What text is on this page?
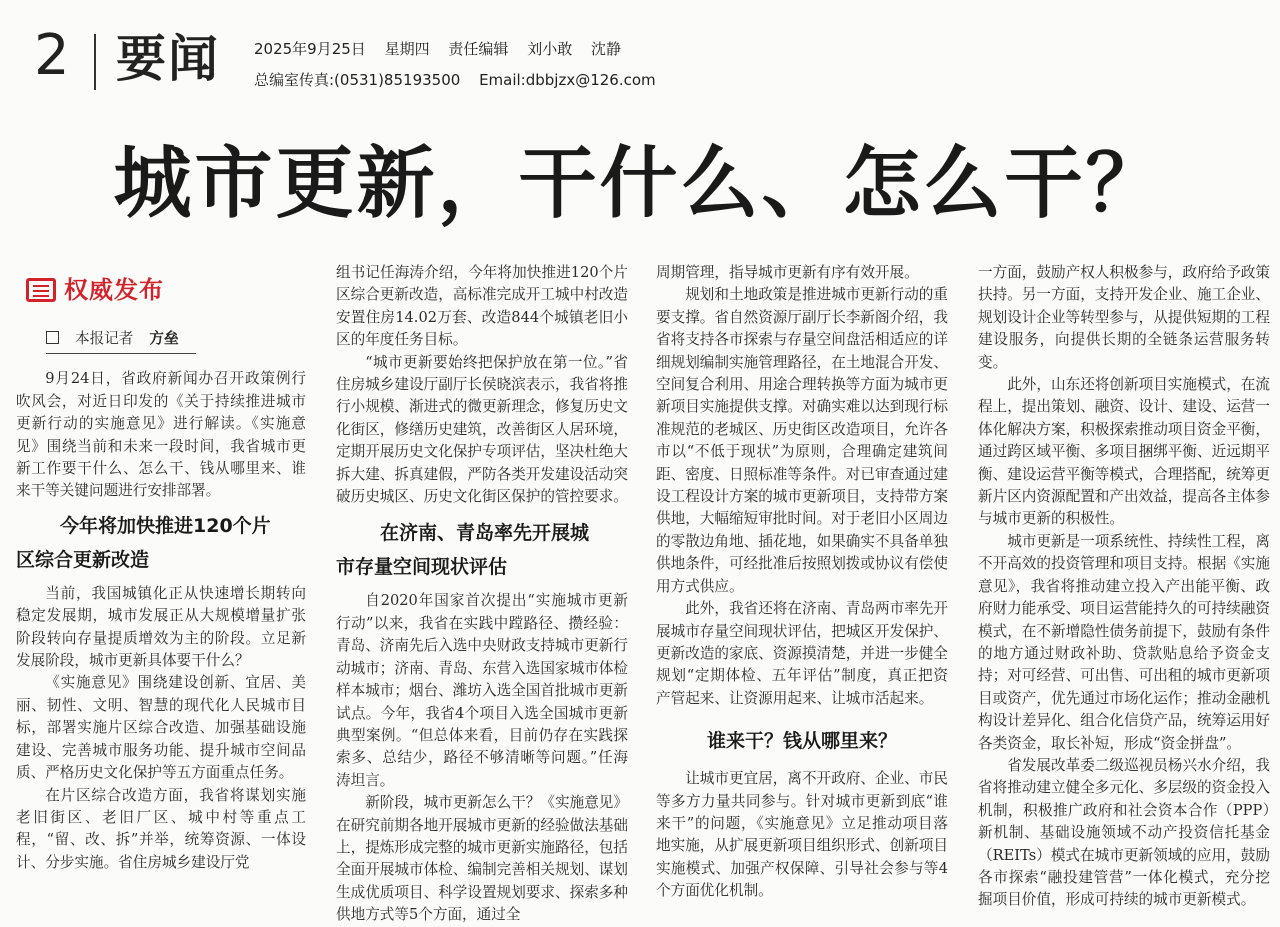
2 要闻 2025年9月25日 星期四 责任编辑 刘小敢 沈静
总编室传真:(0531)85193500 Email:dbbjzx@126.com
城市更新，干什么、怎么干？
权威发布
本报记者 方垒

9月24日，省政府新闻办召开政策例行吹风会，对近日印发的《关于持续推进城市更新行动的实施意见》进行解读。《实施意见》围绕当前和未来一段时间，我省城市更新工作要干什么、怎么干、钱从哪里来、谁来干等关键问题进行安排部署。

今年将加快推进120个片
区综合更新改造

当前，我国城镇化正从快速增长期转向稳定发展期，城市发展正从大规模增量扩张阶段转向存量提质增效为主的阶段。立足新发展阶段，城市更新具体要干什么？

《实施意见》围绕建设创新、宜居、美丽、韧性、文明、智慧的现代化人民城市目标，部署实施片区综合改造、加强基础设施建设、完善城市服务功能、提升城市空间品质、严格历史文化保护等五方面重点任务。

在片区综合改造方面，我省将谋划实施老旧街区、老旧厂区、城中村等重点工程，“留、改、拆”并举，统筹资源、一体设计、分步实施。省住房城乡建设厅党

组书记任海涛介绍，今年将加快推进120个片区综合更新改造，高标准完成开工城中村改造安置住房14.02万套、改造844个城镇老旧小区的年度任务目标。

“城市更新要始终把保护放在第一位。”省住房城乡建设厅副厅长侯晓滨表示，我省将推行小规模、渐进式的微更新理念，修复历史文化街区，修缮历史建筑，改善街区人居环境，定期开展历史文化保护专项评估，坚决杜绝大拆大建、拆真建假，严防各类开发建设活动突破历史城区、历史文化街区保护的管控要求。

在济南、青岛率先开展城
市存量空间现状评估

自2020年国家首次提出“实施城市更新行动”以来，我省在实践中蹚路径、攒经验：青岛、济南先后入选中央财政支持城市更新行动城市；济南、青岛、东营入选国家城市体检样本城市；烟台、潍坊入选全国首批城市更新试点。今年，我省4个项目入选全国城市更新典型案例。“但总体来看，目前仍存在实践探索多、总结少，路径不够清晰等问题。”任海涛坦言。

新阶段，城市更新怎么干？《实施意见》在研究前期各地开展城市更新的经验做法基础上，提炼形成完整的城市更新实施路径，包括全面开展城市体检、编制完善相关规划、谋划生成优质项目、科学设置规划要求、探索多种供地方式等5个方面，通过全

周期管理，指导城市更新有序有效开展。

规划和土地政策是推进城市更新行动的重要支撑。省自然资源厅副厅长李新阁介绍，我省将支持各市探索与存量空间盘活相适应的详细规划编制实施管理路径，在土地混合开发、空间复合利用、用途合理转换等方面为城市更新项目实施提供支撑。对确实难以达到现行标准规范的老城区、历史街区改造项目，允许各市以“不低于现状”为原则，合理确定建筑间距、密度、日照标准等条件。对已审查通过建设工程设计方案的城市更新项目，支持带方案供地，大幅缩短审批时间。对于老旧小区周边的零散边角地、插花地，如果确实不具备单独供地条件，可经批准后按照划拨或协议有偿使用方式供应。

此外，我省还将在济南、青岛两市率先开展城市存量空间现状评估，把城区开发保护、更新改造的家底、资源摸清楚，并进一步健全规划“定期体检、五年评估”制度，真正把资产管起来、让资源用起来、让城市活起来。

谁来干？钱从哪里来？

让城市更宜居，离不开政府、企业、市民等多方力量共同参与。针对城市更新到底“谁来干”的问题，《实施意见》立足推动项目落地实施，从扩展更新项目组织形式、创新项目实施模式、加强产权保障、引导社会参与等4个方面优化机制。

一方面，鼓励产权人积极参与，政府给予政策扶持。另一方面，支持开发企业、施工企业、规划设计企业等转型参与，从提供短期的工程建设服务，向提供长期的全链条运营服务转变。

此外，山东还将创新项目实施模式，在流程上，提出策划、融资、设计、建设、运营一体化解决方案，积极探索推动项目资金平衡，通过跨区域平衡、多项目捆绑平衡、近远期平衡、建设运营平衡等模式，合理搭配，统筹更新片区内资源配置和产出效益，提高各主体参与城市更新的积极性。

城市更新是一项系统性、持续性工程，离不开高效的投资管理和项目支持。根据《实施意见》，我省将推动建立投入产出能平衡、政府财力能承受、项目运营能持久的可持续融资模式，在不新增隐性债务前提下，鼓励有条件的地方通过财政补助、贷款贴息给予资金支持；对可经营、可出售、可出租的城市更新项目或资产，优先通过市场化运作；推动金融机构设计差异化、组合化信贷产品，统筹运用好各类资金，取长补短，形成“资金拼盘”。

省发展改革委二级巡视员杨兴水介绍，我省将推动建立健全多元化、多层级的资金投入机制，积极推广政府和社会资本合作（PPP）新机制、基础设施领域不动产投资信托基金（REITs）模式在城市更新领域的应用，鼓励各市探索“融投建管营”一体化模式，充分挖掘项目价值，形成可持续的城市更新模式。
